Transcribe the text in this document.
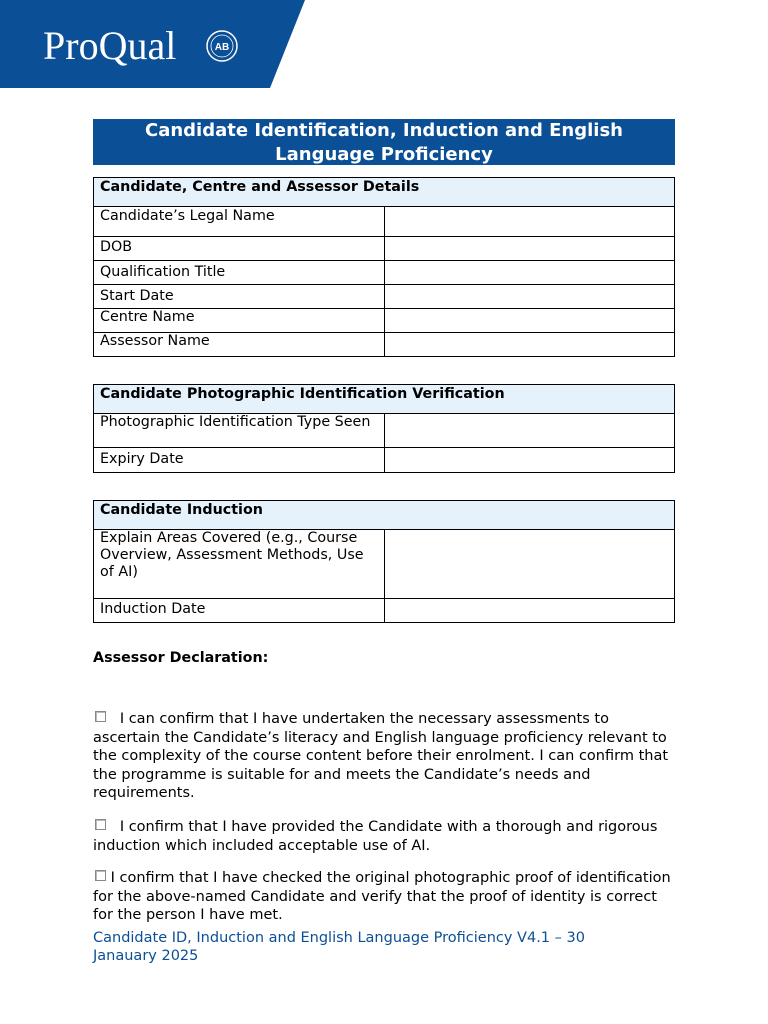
ProQual	AB
Candidate Identification, Induction and English
Language Proficiency
Candidate, Centre and Assessor Details	
Candidate’s Legal Name	
DOB	
Qualification Title	
Start Date	
Centre Name	
Assessor Name	
Candidate Photographic Identification Verification	
Photographic Identification Type Seen	
Expiry Date	
Candidate Induction	
Explain Areas Covered (e.g., Course Overview, Assessment Methods, Use of AI)	
Induction Date	
Assessor Declaration:
I can confirm that I have undertaken the necessary assessments to ascertain the Candidate’s literacy and English language proficiency relevant to the complexity of the course content before their enrolment. I can confirm that the programme is suitable for and meets the Candidate’s needs and requirements.
I confirm that I have provided the Candidate with a thorough and rigorous induction which included acceptable use of AI.
I confirm that I have checked the original photographic proof of identification for the above-named Candidate and verify that the proof of identity is correct for the person I have met.
Candidate ID, Induction and English Language Proficiency V4.1 – 30 Janauary 2025
